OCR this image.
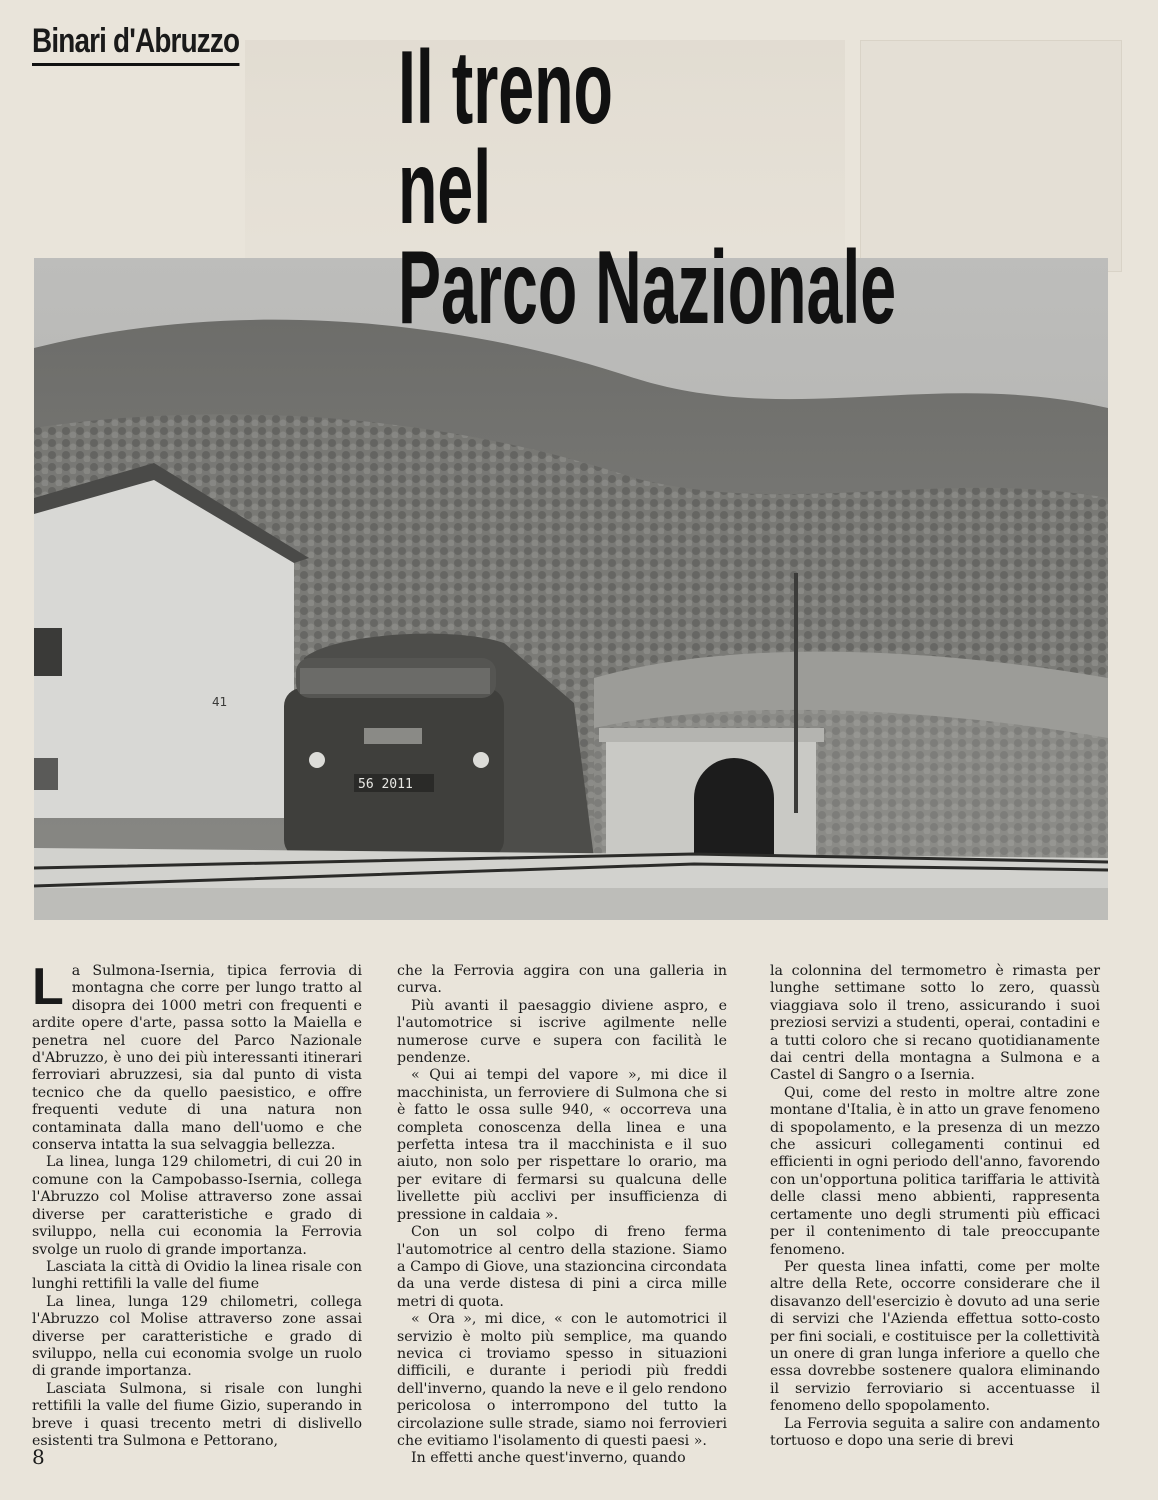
Binari d'Abruzzo Il treno
nel
Parco Nazionale
56 2011
41

La Sulmona-Isernia, tipica ferrovia di montagna che corre per lungo tratto al disopra dei 1000 metri con frequenti e ardite opere d'arte, passa sotto la Maiella e penetra nel cuore del Parco Nazionale d'Abruzzo, è uno dei più interessanti itinerari ferroviari abruzzesi, sia dal punto di vista tecnico che da quello paesistico, e offre frequenti vedute di una natura non contaminata dalla mano dell'uomo e che conserva intatta la sua selvaggia bellezza.

La linea, lunga 129 chilometri, di cui 20 in comune con la Campobasso-Isernia, collega l'Abruzzo col Molise attraverso zone assai diverse per caratteristiche e grado di sviluppo, nella cui economia la Ferrovia svolge un ruolo di grande importanza.

Lasciata la città di Ovidio la linea risale con lunghi rettifili la valle del fiume

La linea, lunga 129 chilometri, collega l'Abruzzo col Molise attraverso zone assai diverse per caratteristiche e grado di sviluppo, nella cui economia svolge un ruolo di grande importanza.

Lasciata Sulmona, si risale con lunghi rettifili la valle del fiume Gizio, superando in breve i quasi trecento metri di dislivello esistenti tra Sulmona e Pettorano,

che la Ferrovia aggira con una galleria in curva.

Più avanti il paesaggio diviene aspro, e l'automotrice si iscrive agilmente nelle numerose curve e supera con facilità le pendenze.

« Qui ai tempi del vapore », mi dice il macchinista, un ferroviere di Sulmona che si è fatto le ossa sulle 940, « occorreva una completa conoscenza della linea e una perfetta intesa tra il macchinista e il suo aiuto, non solo per rispettare lo orario, ma per evitare di fermarsi su qualcuna delle livellette più acclivi per insufficienza di pressione in caldaia ».

Con un sol colpo di freno ferma l'automotrice al centro della stazione. Siamo a Campo di Giove, una stazioncina circondata da una verde distesa di pini a circa mille metri di quota.

« Ora », mi dice, « con le automotrici il servizio è molto più semplice, ma quando nevica ci troviamo spesso in situazioni difficili, e durante i periodi più freddi dell'inverno, quando la neve e il gelo rendono pericolosa o interrompono del tutto la circolazione sulle strade, siamo noi ferrovieri che evitiamo l'isolamento di questi paesi ».

In effetti anche quest'inverno, quando

la colonnina del termometro è rimasta per lunghe settimane sotto lo zero, quassù viaggiava solo il treno, assicurando i suoi preziosi servizi a studenti, operai, contadini e a tutti coloro che si recano quotidianamente dai centri della montagna a Sulmona e a Castel di Sangro o a Isernia.

Qui, come del resto in moltre altre zone montane d'Italia, è in atto un grave fenomeno di spopolamento, e la presenza di un mezzo che assicuri collegamenti continui ed efficienti in ogni periodo dell'anno, favorendo con un'opportuna politica tariffaria le attività delle classi meno abbienti, rappresenta certamente uno degli strumenti più efficaci per il contenimento di tale preoccupante fenomeno.

Per questa linea infatti, come per molte altre della Rete, occorre considerare che il disavanzo dell'esercizio è dovuto ad una serie di servizi che l'Azienda effettua sotto-costo per fini sociali, e costituisce per la collettività un onere di gran lunga inferiore a quello che essa dovrebbe sostenere qualora eliminando il servizio ferroviario si accentuasse il fenomeno dello spopolamento.

La Ferrovia seguita a salire con andamento tortuoso e dopo una serie di brevi

8
